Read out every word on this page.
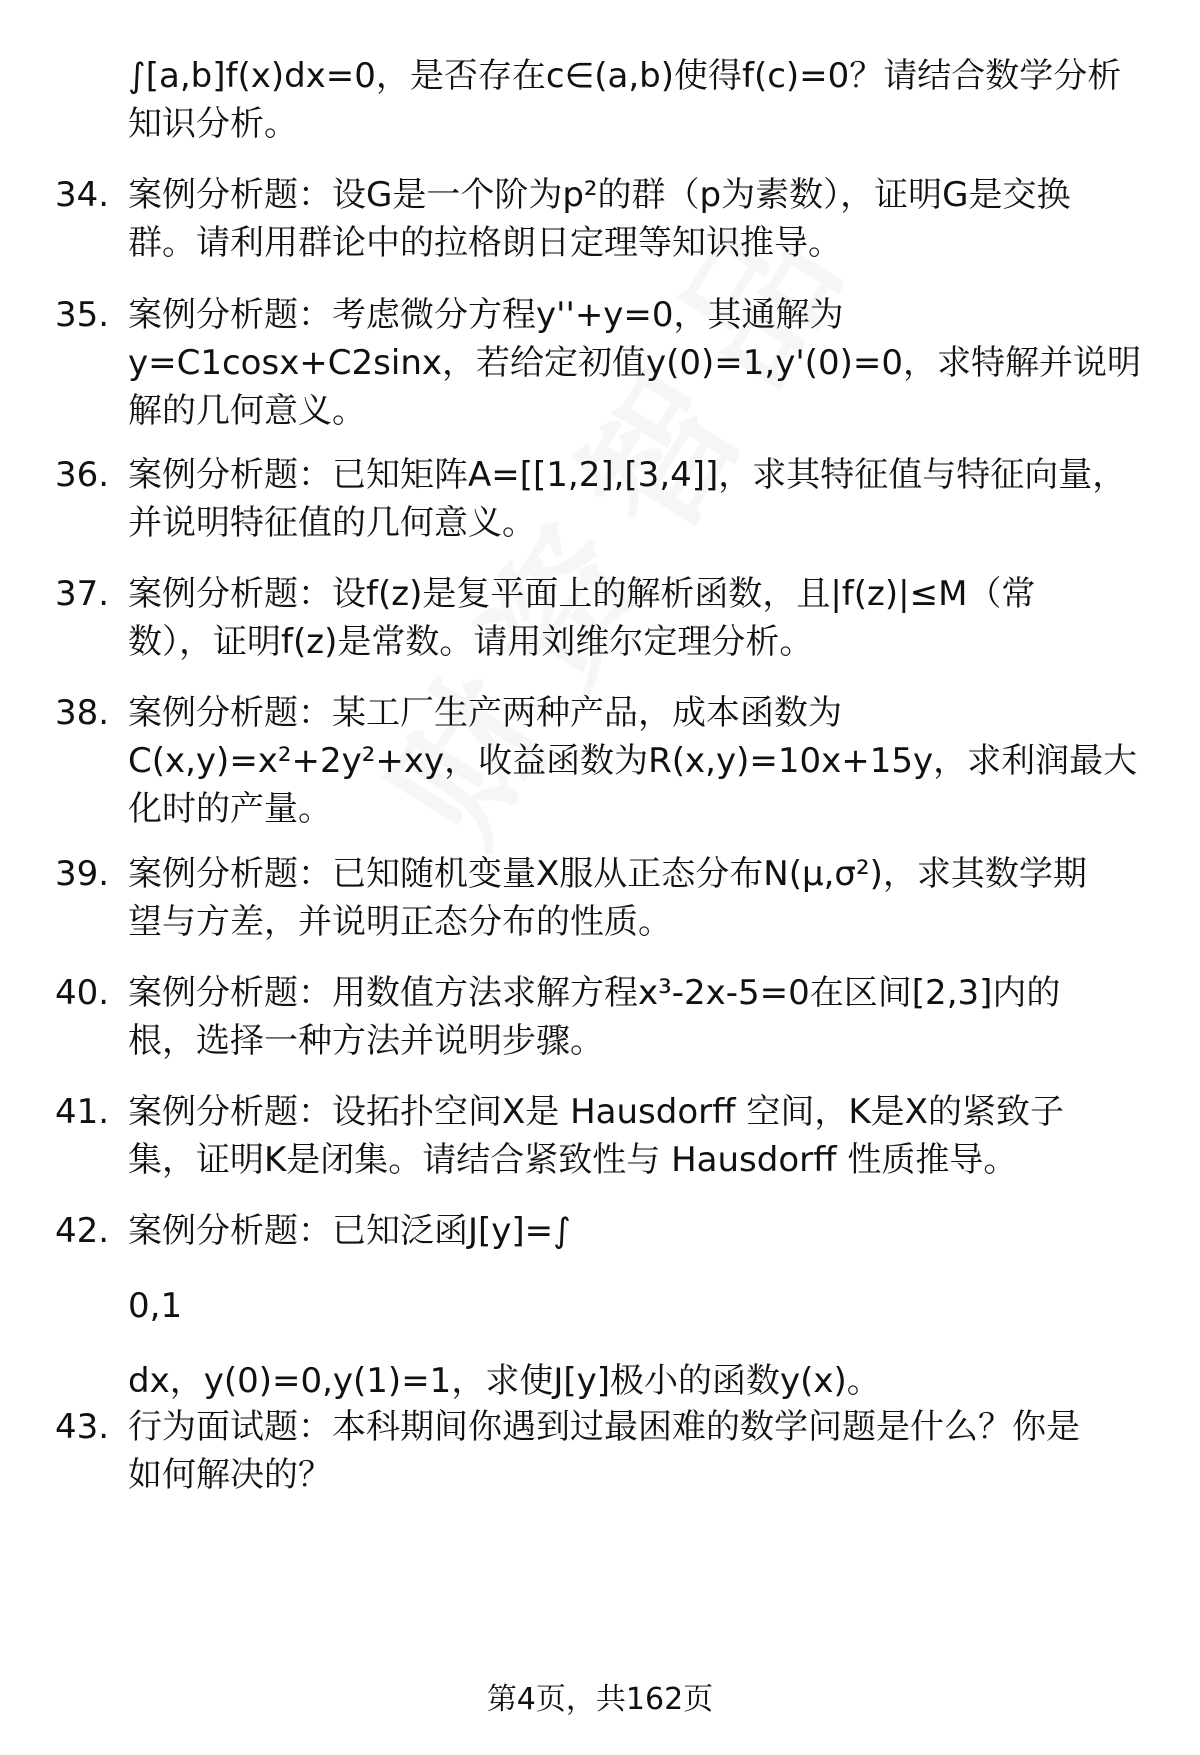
∫[a,b]f(x)dx=0，是否存在c∈(a,b)使得f(c)=0？请结合数学分析
知识分析。
34. 案例分析题：设G是一个阶为p²的群（p为素数），证明G是交换
群。请利用群论中的拉格朗日定理等知识推导。
35. 案例分析题：考虑微分方程y''+y=0，其通解为
y=C1cosx+C2sinx，若给定初值y(0)=1,y'(0)=0，求特解并说明
解的几何意义。
36. 案例分析题：已知矩阵A=[[1,2],[3,4]]，求其特征值与特征向量，
并说明特征值的几何意义。
37. 案例分析题：设f(z)是复平面上的解析函数，且|f(z)|≤M（常
数），证明f(z)是常数。请用刘维尔定理分析。
38. 案例分析题：某工厂生产两种产品，成本函数为
C(x,y)=x²+2y²+xy，收益函数为R(x,y)=10x+15y，求利润最大
化时的产量。
39. 案例分析题：已知随机变量X服从正态分布N(μ,σ²)，求其数学期
望与方差，并说明正态分布的性质。
40. 案例分析题：用数值方法求解方程x³-2x-5=0在区间[2,3]内的
根，选择一种方法并说明步骤。
41. 案例分析题：设拓扑空间X是 Hausdorff 空间，K是X的紧致子
集，证明K是闭集。请结合紧致性与 Hausdorff 性质推导。
42. 案例分析题：已知泛函J[y]=∫
0,1
dx，y(0)=0,y(1)=1，求使J[y]极小的函数y(x)。
43. 行为面试题：本科期间你遇到过最困难的数学问题是什么？你是
如何解决的？
第4页，共162页
